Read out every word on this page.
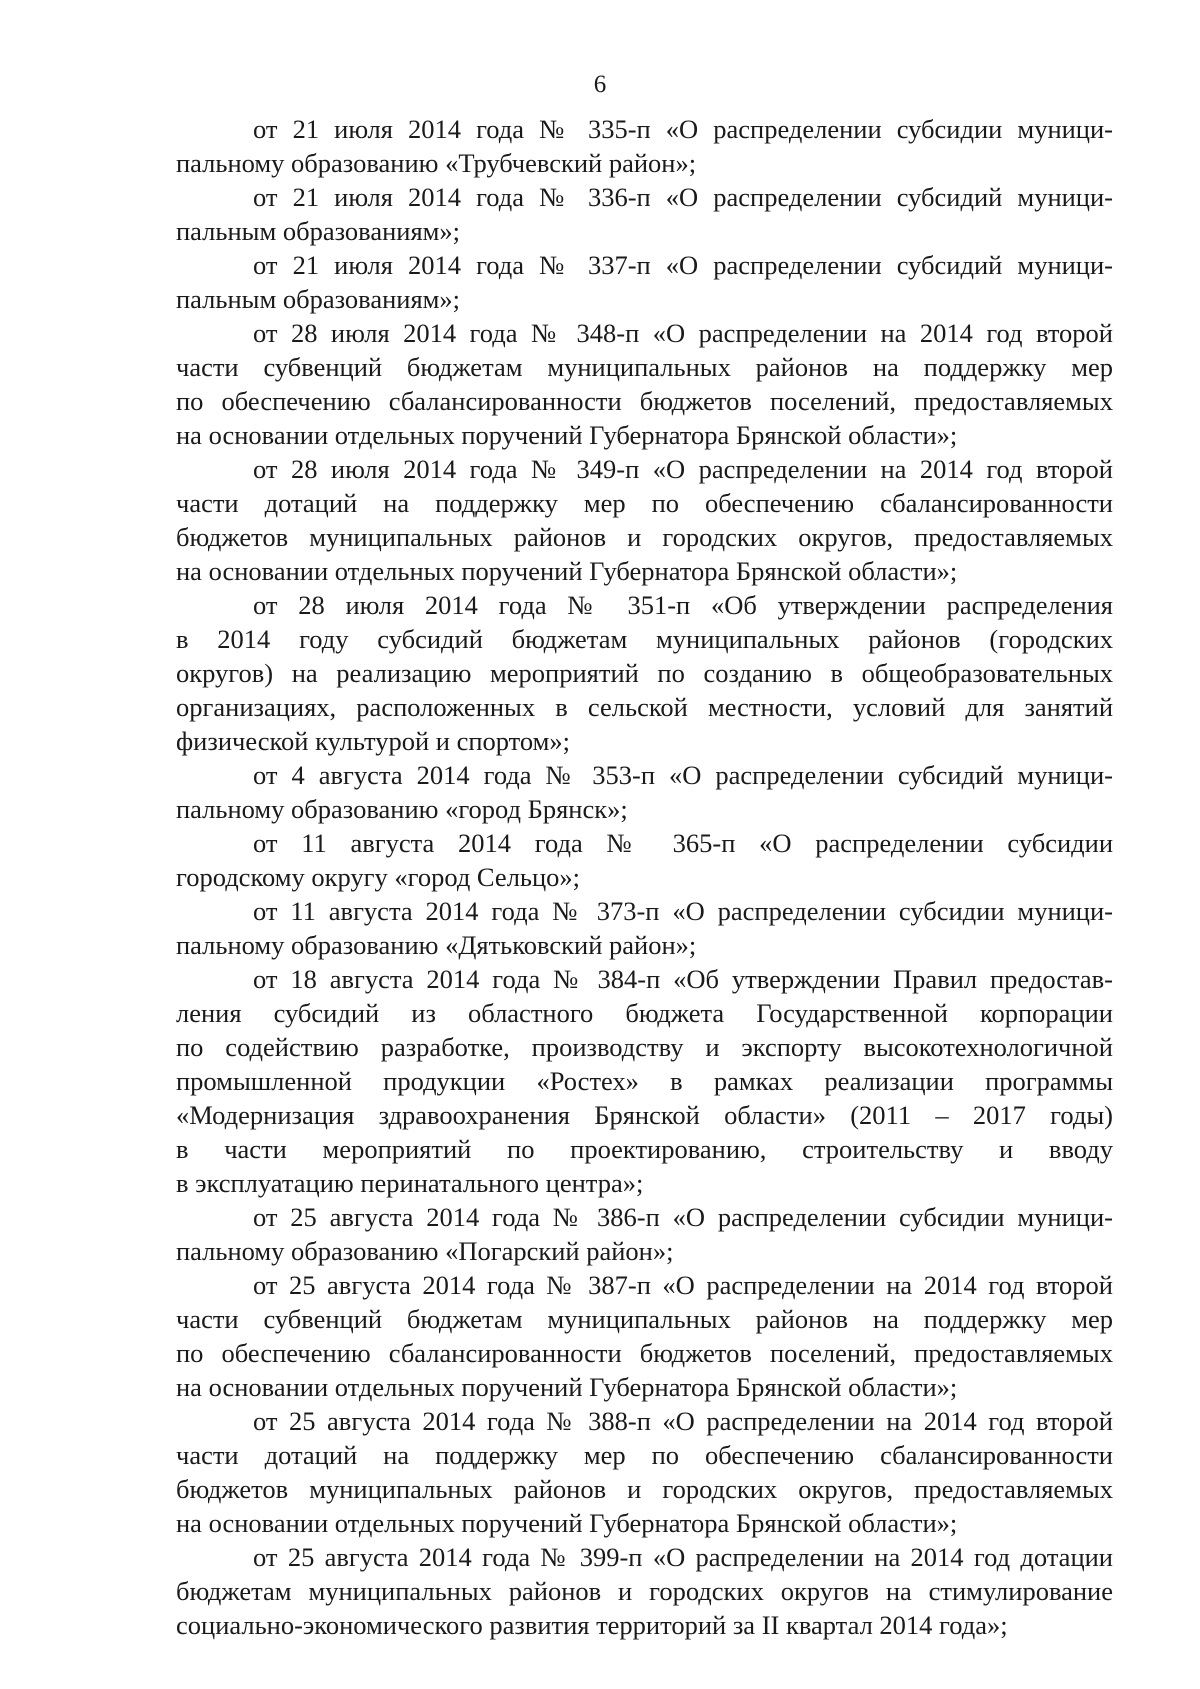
6
от 21 июля 2014 года № 335-п «О распределении субсидии муници-
пальному образованию «Трубчевский район»;
от 21 июля 2014 года № 336-п «О распределении субсидий муници-
пальным образованиям»;
от 21 июля 2014 года № 337-п «О распределении субсидий муници-
пальным образованиям»;
от 28 июля 2014 года № 348-п «О распределении на 2014 год второй
части субвенций бюджетам муниципальных районов на поддержку мер
по обеспечению сбалансированности бюджетов поселений, предоставляемых
на основании отдельных поручений Губернатора Брянской области»;
от 28 июля 2014 года № 349-п «О распределении на 2014 год второй
части дотаций на поддержку мер по обеспечению сбалансированности
бюджетов муниципальных районов и городских округов, предоставляемых
на основании отдельных поручений Губернатора Брянской области»;
от 28 июля 2014 года № 351-п «Об утверждении распределения
в 2014 году субсидий бюджетам муниципальных районов (городских
округов) на реализацию мероприятий по созданию в общеобразовательных
организациях, расположенных в сельской местности, условий для занятий
физической культурой и спортом»;
от 4 августа 2014 года № 353-п «О распределении субсидий муници-
пальному образованию «город Брянск»;
от 11 августа 2014 года № 365-п «О распределении субсидии
городскому округу «город Сельцо»;
от 11 августа 2014 года № 373-п «О распределении субсидии муници-
пальному образованию «Дятьковский район»;
от 18 августа 2014 года № 384-п «Об утверждении Правил предостав-
ления субсидий из областного бюджета Государственной корпорации
по содействию разработке, производству и экспорту высокотехнологичной
промышленной продукции «Ростех» в рамках реализации программы
«Модернизация здравоохранения Брянской области» (2011 – 2017 годы)
в части мероприятий по проектированию, строительству и вводу
в эксплуатацию перинатального центра»;
от 25 августа 2014 года № 386-п «О распределении субсидии муници-
пальному образованию «Погарский район»;
от 25 августа 2014 года № 387-п «О распределении на 2014 год второй
части субвенций бюджетам муниципальных районов на поддержку мер
по обеспечению сбалансированности бюджетов поселений, предоставляемых
на основании отдельных поручений Губернатора Брянской области»;
от 25 августа 2014 года № 388-п «О распределении на 2014 год второй
части дотаций на поддержку мер по обеспечению сбалансированности
бюджетов муниципальных районов и городских округов, предоставляемых
на основании отдельных поручений Губернатора Брянской области»;
от 25 августа 2014 года № 399-п «О распределении на 2014 год дотации
бюджетам муниципальных районов и городских округов на стимулирование
социально-экономического развития территорий за II квартал 2014 года»;
